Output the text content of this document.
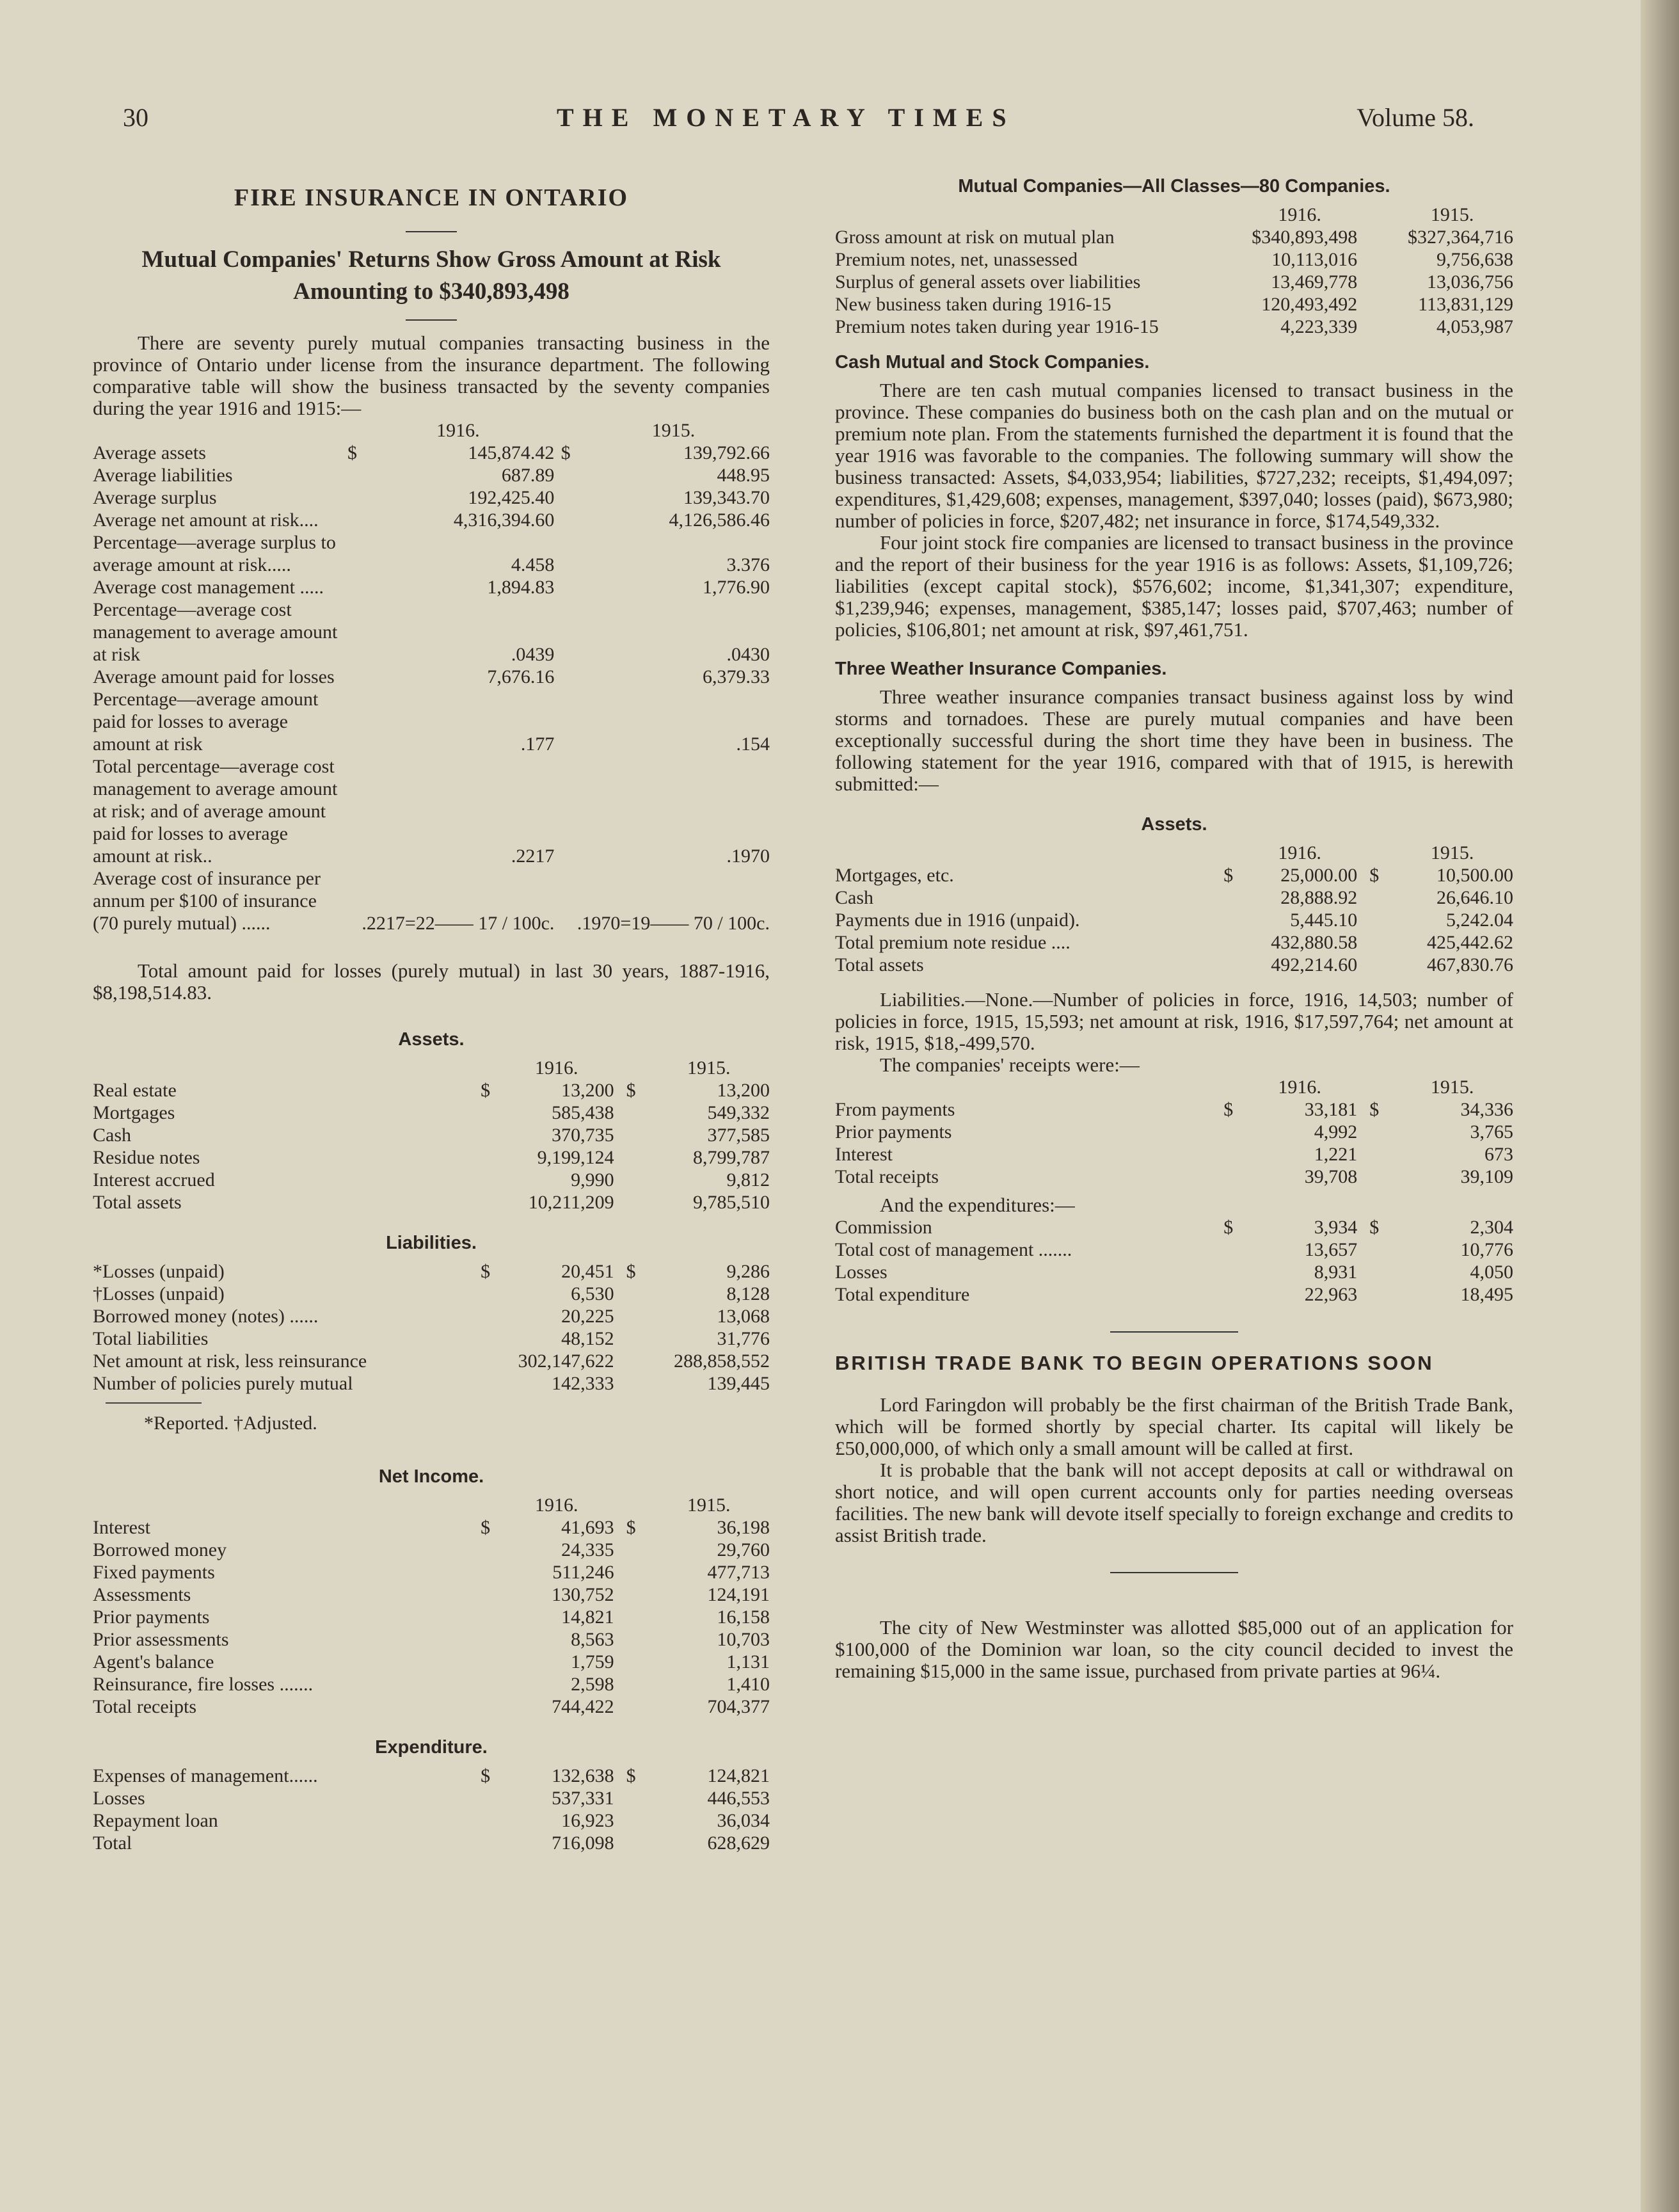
30	THE MONETARY TIMES	Volume 58.
FIRE INSURANCE IN ONTARIO
Mutual Companies' Returns Show Gross Amount at Risk
Amounting to $340,893,498

There are seventy purely mutual companies transacting business in the province of Ontario under license from the insurance department. The following comparative table will show the business transacted by the seventy companies during the year 1916 and 1915:—

		1916.		1915.
Average assets	$	145,874.42	$	139,792.66
Average liabilities		687.89		448.95
Average surplus		192,425.40		139,343.70
Average net amount at risk....		4,316,394.60		4,126,586.46
Percentage—average surplus to average amount at risk.....		4.458		3.376
Average cost management .....		1,894.83		1,776.90
Percentage—average cost management to average amount at risk		.0439		.0430
Average amount paid for losses		7,676.16		6,379.33
Percentage—average amount paid for losses to average amount at risk		.177		.154
Total percentage—average cost management to average amount at risk; and of average amount paid for losses to average amount at risk..		.2217		.1970
Average cost of insurance per annum per $100 of insurance (70 purely mutual) ......		.2217=22—— 17 / 100c.		.1970=19—— 70 / 100c.

Total amount paid for losses (purely mutual) in last 30 years, 1887-1916, $8,198,514.83.

Assets.
		1916.		1915.
Real estate	$	13,200	$	13,200
Mortgages		585,438		549,332
Cash		370,735		377,585
Residue notes		9,199,124		8,799,787
Interest accrued		9,990		9,812
Total assets		10,211,209		9,785,510
Liabilities.
*Losses (unpaid)	$	20,451	$	9,286
†Losses (unpaid)		6,530		8,128
Borrowed money (notes) ......		20,225		13,068
Total liabilities		48,152		31,776
Net amount at risk, less reinsurance		302,147,622		288,858,552
Number of policies purely mutual		142,333		139,445
*Reported. †Adjusted.
Net Income.
		1916.		1915.
Interest	$	41,693	$	36,198
Borrowed money		24,335		29,760
Fixed payments		511,246		477,713
Assessments		130,752		124,191
Prior payments		14,821		16,158
Prior assessments		8,563		10,703
Agent's balance		1,759		1,131
Reinsurance, fire losses .......		2,598		1,410
Total receipts		744,422		704,377
Expenditure.
Expenses of management......	$	132,638	$	124,821
Losses		537,331		446,553
Repayment loan		16,923		36,034
Total		716,098		628,629
Mutual Companies—All Classes—80 Companies.
		1916.		1915.
Gross amount at risk on mutual plan		$340,893,498		$327,364,716
Premium notes, net, unassessed		10,113,016		9,756,638
Surplus of general assets over liabilities		13,469,778		13,036,756
New business taken during 1916-15		120,493,492		113,831,129
Premium notes taken during year 1916-15		4,223,339		4,053,987
Cash Mutual and Stock Companies.

There are ten cash mutual companies licensed to transact business in the province. These companies do business both on the cash plan and on the mutual or premium note plan. From the statements furnished the department it is found that the year 1916 was favorable to the companies. The following summary will show the business transacted: Assets, $4,033,954; liabilities, $727,232; receipts, $1,494,097; expenditures, $1,429,608; expenses, management, $397,040; losses (paid), $673,980; number of policies in force, $207,482; net insurance in force, $174,549,332.

Four joint stock fire companies are licensed to transact business in the province and the report of their business for the year 1916 is as follows: Assets, $1,109,726; liabilities (except capital stock), $576,602; income, $1,341,307; expenditure, $1,239,946; expenses, management, $385,147; losses paid, $707,463; number of policies, $106,801; net amount at risk, $97,461,751.

Three Weather Insurance Companies.

Three weather insurance companies transact business against loss by wind storms and tornadoes. These are purely mutual companies and have been exceptionally successful during the short time they have been in business. The following statement for the year 1916, compared with that of 1915, is herewith submitted:—

Assets.
		1916.		1915.
Mortgages, etc.	$	25,000.00	$	10,500.00
Cash		28,888.92		26,646.10
Payments due in 1916 (unpaid).		5,445.10		5,242.04
Total premium note residue ....		432,880.58		425,442.62
Total assets		492,214.60		467,830.76

Liabilities.—None.—Number of policies in force, 1916, 14,503; number of policies in force, 1915, 15,593; net amount at risk, 1916, $17,597,764; net amount at risk, 1915, $18,-499,570.

The companies' receipts were:—

		1916.		1915.
From payments	$	33,181	$	34,336
Prior payments		4,992		3,765
Interest		1,221		673
Total receipts		39,708		39,109

And the expenditures:—

Commission	$	3,934	$	2,304
Total cost of management .......		13,657		10,776
Losses		8,931		4,050
Total expenditure		22,963		18,495
BRITISH TRADE BANK TO BEGIN OPERATIONS SOON

Lord Faringdon will probably be the first chairman of the British Trade Bank, which will be formed shortly by special charter. Its capital will likely be £50,000,000, of which only a small amount will be called at first.

It is probable that the bank will not accept deposits at call or withdrawal on short notice, and will open current accounts only for parties needing overseas facilities. The new bank will devote itself specially to foreign exchange and credits to assist British trade.

The city of New Westminster was allotted $85,000 out of an application for $100,000 of the Dominion war loan, so the city council decided to invest the remaining $15,000 in the same issue, purchased from private parties at 96¼.
